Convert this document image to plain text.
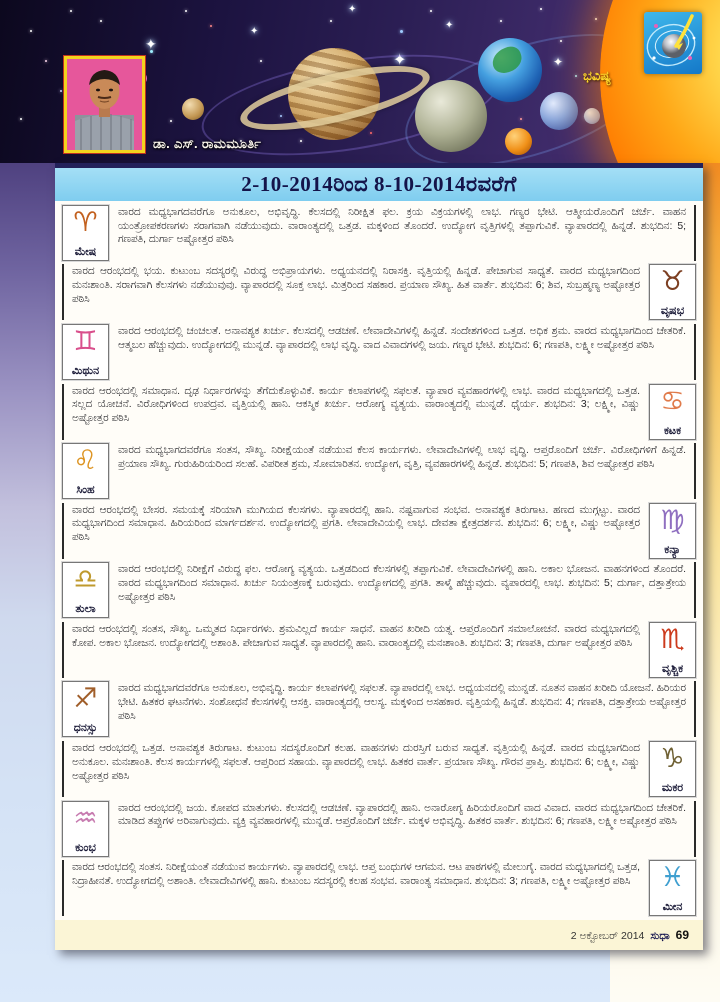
✦
✦
✦
✦
✦
✦
ಡಾ. ಎಸ್. ರಾಮಮೂರ್ತಿ
ಭವಿಷ್ಯ
2-10-2014ರಿಂದ 8-10-2014ರವರೆಗೆ
♈
ಮೇಷ
ವಾರದ ಮಧ್ಯಭಾಗದವರೆಗೂ ಅನುಕೂಲ, ಅಭಿವೃದ್ಧಿ. ಕೆಲಸದಲ್ಲಿ ನಿರೀಕ್ಷಿತ ಫಲ. ಕ್ರಯ ವಿಕ್ರಯಗಳಲ್ಲಿ ಲಾಭ. ಗಣ್ಯರ ಭೇಟಿ. ಆತ್ಮೀಯರೊಂದಿಗೆ ಚರ್ಚೆ. ವಾಹನ ಯಂತ್ರೋಪಕರಣಗಳು ಸರಾಗವಾಗಿ ನಡೆಯುವುದು. ವಾರಾಂತ್ಯದಲ್ಲಿ ಒತ್ತಡ. ಮಕ್ಕಳಿಂದ ತೊಂದರೆ. ಉದ್ಯೋಗ ವೃತ್ತಿಗಳಲ್ಲಿ ತಪ್ಪಾಗುವಿಕೆ. ವ್ಯಾಪಾರದಲ್ಲಿ ಹಿನ್ನಡೆ. ಶುಭದಿನ: 5; ಗಣಪತಿ, ದುರ್ಗಾ ಅಷ್ಟೋತ್ತರ ಪಠಿಸಿ
ವಾರದ ಆರಂಭದಲ್ಲಿ ಭಯ. ಕುಟುಂಬ ಸದಸ್ಯರಲ್ಲಿ ವಿರುದ್ಧ ಅಭಿಪ್ರಾಯಗಳು. ಅಧ್ಯಯನದಲ್ಲಿ ನಿರಾಸಕ್ತಿ. ವೃತ್ತಿಯಲ್ಲಿ ಹಿನ್ನಡೆ. ಪೇಚಾಗುವ ಸಾಧ್ಯತೆ. ವಾರದ ಮಧ್ಯಭಾಗದಿಂದ ಮನಃಶಾಂತಿ. ಸರಾಗವಾಗಿ ಕೆಲಸಗಳು ನಡೆಯುವುವು. ವ್ಯಾಪಾರದಲ್ಲಿ ಸೂಕ್ತ ಲಾಭ. ಮಿತ್ರರಿಂದ ಸಹಕಾರ. ಪ್ರಯಾಣ ಸೌಖ್ಯ. ಹಿತ ವಾರ್ತೆ. ಶುಭದಿನ: 6; ಶಿವ, ಸುಬ್ರಹ್ಮಣ್ಯ ಅಷ್ಟೋತ್ತರ ಪಠಿಸಿ
♉
ವೃಷಭ
♊
ಮಿಥುನ
ವಾರದ ಆರಂಭದಲ್ಲಿ ಚಂಚಲತೆ. ಅನಾವಶ್ಯಕ ಖರ್ಚು. ಕೆಲಸದಲ್ಲಿ ಆಡಚಣೆ. ಲೇವಾದೇವಿಗಳಲ್ಲಿ ಹಿನ್ನಡೆ. ಸಂದೇಶಗಳಿಂದ ಒತ್ತಡ. ಅಧಿಕ ಶ್ರಮ. ವಾರದ ಮಧ್ಯಭಾಗದಿಂದ ಚೇತರಿಕೆ. ಆತ್ಮಬಲ ಹೆಚ್ಚುವುದು. ಉದ್ಯೋಗದಲ್ಲಿ ಮುನ್ನಡೆ. ವ್ಯಾಪಾರದಲ್ಲಿ ಲಾಭ ವೃದ್ಧಿ. ವಾದ ವಿವಾದಗಳಲ್ಲಿ ಜಯ. ಗಣ್ಯರ ಭೇಟಿ. ಶುಭದಿನ: 6; ಗಣಪತಿ, ಲಕ್ಷ್ಮೀ ಅಷ್ಟೋತ್ತರ ಪಠಿಸಿ
ವಾರದ ಆರಂಭದಲ್ಲಿ ಸಮಾಧಾನ. ದೃಢ ನಿರ್ಧಾರಗಳನ್ನು ತೆಗೆದುಕೊಳ್ಳುವಿಕೆ. ಕಾರ್ಯ ಕಲಾಪಗಳಲ್ಲಿ ಸಫಲತೆ. ವ್ಯಾಪಾರ ವ್ಯವಹಾರಗಳಲ್ಲಿ ಲಾಭ. ವಾರದ ಮಧ್ಯಭಾಗದಲ್ಲಿ ಒತ್ತಡ. ಸಲ್ಲದ ಯೋಚನೆ. ವಿರೋಧಿಗಳಿಂದ ಉಪದ್ರವ. ವೃತ್ತಿಯಲ್ಲಿ ಹಾನಿ. ಆಕಸ್ಮಿಕ ಖರ್ಚು. ಆರೋಗ್ಯ ವ್ಯತ್ಯಯ. ವಾರಾಂತ್ಯದಲ್ಲಿ ಮುನ್ನಡೆ. ಧೈರ್ಯ. ಶುಭದಿನ: 3; ಲಕ್ಷ್ಮೀ, ವಿಷ್ಣು ಅಷ್ಟೋತ್ತರ ಪಠಿಸಿ
♋
ಕಟಕ
♌
ಸಿಂಹ
ವಾರದ ಮಧ್ಯಭಾಗದವರೆಗೂ ಸಂತಸ, ಸೌಖ್ಯ. ನಿರೀಕ್ಷೆಯಂತೆ ನಡೆಯುವ ಕೆಲಸ ಕಾರ್ಯಗಳು. ಲೇವಾದೇವಿಗಳಲ್ಲಿ ಲಾಭ ವೃದ್ಧಿ. ಆಪ್ತರೊಂದಿಗೆ ಚರ್ಚೆ. ವಿರೋಧಿಗಳಿಗೆ ಹಿನ್ನಡೆ. ಪ್ರಯಾಣ ಸೌಖ್ಯ. ಗುರುಹಿರಿಯರಿಂದ ಸಲಹೆ. ವಿಪರೀತ ಶ್ರಮ, ಸೋಮಾರಿತನ. ಉದ್ಯೋಗ, ವೃತ್ತಿ, ವ್ಯವಹಾರಗಳಲ್ಲಿ ಹಿನ್ನಡೆ. ಶುಭದಿನ: 5; ಗಣಪತಿ, ಶಿವ ಅಷ್ಟೋತ್ತರ ಪಠಿಸಿ
ವಾರದ ಆರಂಭದಲ್ಲಿ ಬೇಸರ. ಸಮಯಕ್ಕೆ ಸರಿಯಾಗಿ ಮುಗಿಯದ ಕೆಲಸಗಳು. ವ್ಯಾಪಾರದಲ್ಲಿ ಹಾನಿ. ನಷ್ಟವಾಗುವ ಸಂಭವ. ಅನಾವಶ್ಯಕ ತಿರುಗಾಟ. ಹಣದ ಮುಗ್ಗಟ್ಟು. ವಾರದ ಮಧ್ಯಭಾಗದಿಂದ ಸಮಾಧಾನ. ಹಿರಿಯರಿಂದ ಮಾರ್ಗದರ್ಶನ. ಉದ್ಯೋಗದಲ್ಲಿ ಪ್ರಗತಿ. ಲೇವಾದೇವಿಯಲ್ಲಿ ಲಾಭ. ದೇವತಾ ಕ್ಷೇತ್ರದರ್ಶನ. ಶುಭದಿನ: 6; ಲಕ್ಷ್ಮೀ, ವಿಷ್ಣು ಅಷ್ಟೋತ್ತರ ಪಠಿಸಿ
♍
ಕನ್ಯಾ
♎
ತುಲಾ
ವಾರದ ಆರಂಭದಲ್ಲಿ ನಿರೀಕ್ಷೆಗೆ ವಿರುದ್ಧ ಫಲ. ಆರೋಗ್ಯ ವ್ಯತ್ಯಯ. ಒತ್ತಡದಿಂದ ಕೆಲಸಗಳಲ್ಲಿ ತಪ್ಪಾಗುವಿಕೆ. ಲೇವಾದೇವಿಗಳಲ್ಲಿ ಹಾನಿ. ಅಕಾಲ ಭೋಜನ. ವಾಹನಗಳಿಂದ ತೊಂದರೆ. ವಾರದ ಮಧ್ಯಭಾಗದಿಂದ ಸಮಾಧಾನ. ಖರ್ಚು ನಿಯಂತ್ರಣಕ್ಕೆ ಬರುವುದು. ಉದ್ಯೋಗದಲ್ಲಿ ಪ್ರಗತಿ. ತಾಳ್ಮೆ ಹೆಚ್ಚುವುದು. ವ್ಯಪಾರದಲ್ಲಿ ಲಾಭ. ಶುಭದಿನ: 5; ದುರ್ಗಾ, ದತ್ತಾತ್ರೇಯ ಅಷ್ಟೋತ್ತರ ಪಠಿಸಿ
ವಾರದ ಆರಂಭದಲ್ಲಿ ಸಂತಸ, ಸೌಖ್ಯ. ಒಮ್ಮತದ ನಿರ್ಧಾರಗಳು. ಶ್ರಮವಿಲ್ಲದೆ ಕಾರ್ಯ ಸಾಧನೆ. ವಾಹನ ಖರೀದಿ ಯತ್ನ. ಆಪ್ತರೊಂದಿಗೆ ಸಮಾಲೋಚನೆ. ವಾರದ ಮಧ್ಯಭಾಗದಲ್ಲಿ ಕೋಪ. ಅಕಾಲ ಭೋಜನ. ಉದ್ಯೋಗದಲ್ಲಿ ಅಶಾಂತಿ. ಪೇಚಾಗುವ ಸಾಧ್ಯತೆ. ವ್ಯಾಪಾರದಲ್ಲಿ ಹಾನಿ. ವಾರಾಂತ್ಯದಲ್ಲಿ ಮನಃಶಾಂತಿ. ಶುಭದಿನ: 3; ಗಣಪತಿ, ದುರ್ಗಾ ಅಷ್ಟೋತ್ತರ ಪಠಿಸಿ	♏
ವೃಶ್ಚಿಕ
♐
ಧನಸ್ಸು
ವಾರದ ಮಧ್ಯಭಾಗದವರೆಗೂ ಅನುಕೂಲ, ಅಭಿವೃದ್ಧಿ. ಕಾರ್ಯ ಕಲಾಪಗಳಲ್ಲಿ ಸಫಲತೆ. ವ್ಯಾಪಾರದಲ್ಲಿ ಲಾಭ. ಅಧ್ಯಯನದಲ್ಲಿ ಮುನ್ನಡೆ. ನೂತನ ವಾಹನ ಖರೀದಿ ಯೋಜನೆ. ಹಿರಿಯರ ಭೇಟಿ. ಹಿತಕರ ಘಟನೆಗಳು. ಸಂಶೋಧನೆ ಕೆಲಸಗಳಲ್ಲಿ ಆಸಕ್ತಿ. ವಾರಾಂತ್ಯದಲ್ಲಿ ಆಲಸ್ಯ. ಮಕ್ಕಳಿಂದ ಅಸಹಕಾರ. ವೃತ್ತಿಯಲ್ಲಿ ಹಿನ್ನಡೆ. ಶುಭದಿನ: 4; ಗಣಪತಿ, ದತ್ತಾತ್ರೇಯ ಅಷ್ಟೋತ್ತರ ಪಠಿಸಿ
ವಾರದ ಆರಂಭದಲ್ಲಿ ಒತ್ತಡ. ಅನಾವಶ್ಯಕ ತಿರುಗಾಟ. ಕುಟುಂಬ ಸದಸ್ಯರೊಂದಿಗೆ ಕಲಹ. ವಾಹನಗಳು ದುರಸ್ತಿಗೆ ಬರುವ ಸಾಧ್ಯತೆ. ವೃತ್ತಿಯಲ್ಲಿ ಹಿನ್ನಡೆ. ವಾರದ ಮಧ್ಯಭಾಗದಿಂದ ಅನುಕೂಲ. ಮನಃಶಾಂತಿ. ಕೆಲಸ ಕಾರ್ಯಗಳಲ್ಲಿ ಸಫಲತೆ. ಆಪ್ತರಿಂದ ಸಹಾಯ. ವ್ಯಾಪಾರದಲ್ಲಿ ಲಾಭ. ಹಿತಕರ ವಾರ್ತೆ. ಪ್ರಯಾಣ ಸೌಖ್ಯ. ಗೌರವ ಪ್ರಾಪ್ತಿ. ಶುಭದಿನ: 6; ಲಕ್ಷ್ಮೀ, ವಿಷ್ಣು ಅಷ್ಟೋತ್ತರ ಪಠಿಸಿ
♑
ಮಕರ
♒
ಕುಂಭ
ವಾರದ ಆರಂಭದಲ್ಲಿ ಜಯ. ಕೋಪದ ಮಾತುಗಳು. ಕೆಲಸದಲ್ಲಿ ಆಡಚಣೆ. ವ್ಯಾಪಾರದಲ್ಲಿ ಹಾನಿ. ಅನಾರೋಗ್ಯ ಹಿರಿಯರೊಂದಿಗೆ ವಾದ ವಿವಾದ. ವಾರದ ಮಧ್ಯಭಾಗದಿಂದ ಚೇತರಿಕೆ. ಮಾಡಿದ ತಪ್ಪುಗಳ ಅರಿವಾಗುವುದು. ವ್ಯಕ್ತಿ ವ್ಯವಹಾರಗಳಲ್ಲಿ ಮುನ್ನಡೆ. ಆಪ್ತರೊಂದಿಗೆ ಚರ್ಚೆ. ಮಕ್ಕಳ ಅಭಿವೃದ್ಧಿ. ಹಿತಕರ ವಾರ್ತೆ. ಶುಭದಿನ: 6; ಗಣಪತಿ, ಲಕ್ಷ್ಮೀ ಅಷ್ಟೋತ್ತರ ಪಠಿಸಿ
ವಾರದ ಆರಂಭದಲ್ಲಿ ಸಂತಸ. ನಿರೀಕ್ಷೆಯಂತೆ ನಡೆಯುವ ಕಾರ್ಯಗಳು. ವ್ಯಾಪಾರದಲ್ಲಿ ಲಾಭ. ಆಪ್ತ ಬಂಧುಗಳ ಆಗಮನ. ಆಟ ಪಾಠಗಳಲ್ಲಿ ಮೇಲುಗೈ. ವಾರದ ಮಧ್ಯಭಾಗದಲ್ಲಿ ಒತ್ತಡ, ನಿದ್ರಾಹೀನತೆ. ಉದ್ಯೋಗದಲ್ಲಿ ಅಶಾಂತಿ. ಲೇವಾದೇವಿಗಳಲ್ಲಿ ಹಾನಿ. ಕುಟುಂಬ ಸದಸ್ಯರಲ್ಲಿ ಕಲಹ ಸಂಭವ. ವಾರಾಂತ್ಯ ಸಮಾಧಾನ. ಶುಭದಿನ: 3; ಗಣಪತಿ, ಲಕ್ಷ್ಮೀ ಅಷ್ಟೋತ್ತರ ಪಠಿಸಿ	♓
ಮೀನ
2 ಅಕ್ಟೋಬರ್ 2014 ಸುಧಾ 69
